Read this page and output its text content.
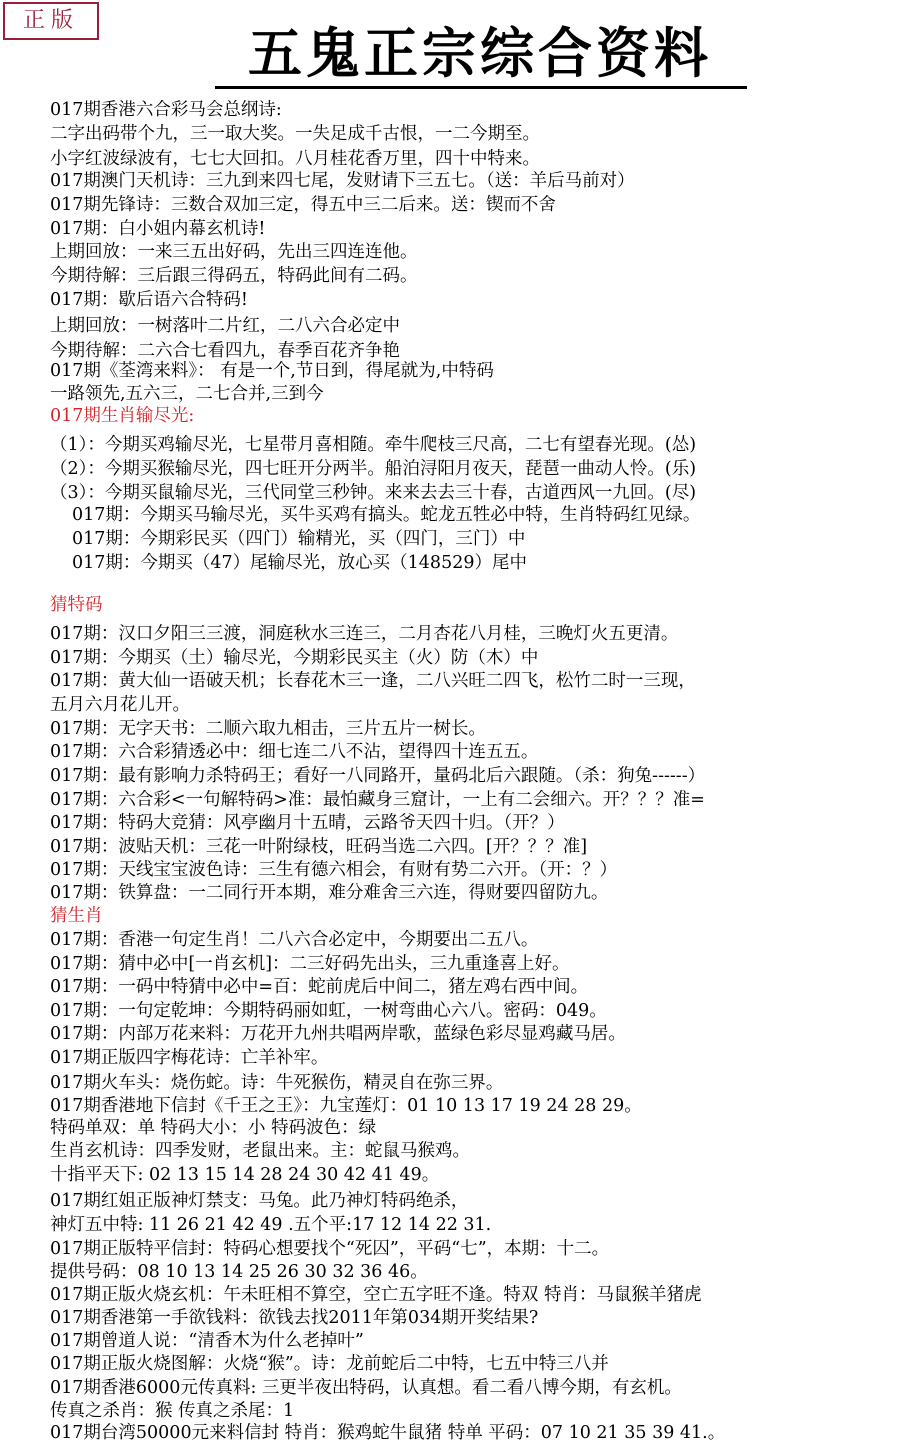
正版
五鬼正宗综合资料
017期香港六合彩马会总纲诗:
二字出码带个九，三一取大奖。一失足成千古恨，一二今期至。
小字红波绿波有，七七大回扣。八月桂花香万里，四十中特来。
017期澳门天机诗：三九到来四七尾，发财请下三五七。（送：羊后马前对）
017期先锋诗：三数合双加三定，得五中三二后来。送：锲而不舍
017期：白小姐内幕玄机诗!
上期回放：一来三五出好码，先出三四连连他。
今期待解：三后跟三得码五，特码此间有二码。
017期：歇后语六合特码!
上期回放：一树落叶二片红，二八六合必定中
今期待解：二六合七看四九，春季百花齐争艳
017期《荃湾来料》： 有是一个,节日到，得尾就为,中特码
一路领先,五六三，二七合并,三到今
017期生肖输尽光:
（1）：今期买鸡输尽光，七星带月喜相随。牵牛爬枝三尺高，二七有望春光现。(怂)
（2）：今期买猴输尽光，四七旺开分两半。船泊浔阳月夜天，琵琶一曲动人怜。(乐)
（3）：今期买鼠输尽光，三代同堂三秒钟。来来去去三十春，古道西风一九回。(尽)
017期：今期买马输尽光，买牛买鸡有搞头。蛇龙五牲必中特，生肖特码红见绿。
017期：今期彩民买（四门）输精光，买（四门，三门）中
017期：今期买（47）尾输尽光，放心买（148529）尾中
猜特码
017期：汉口夕阳三三渡，洞庭秋水三连三，二月杏花八月桂，三晚灯火五更清。
017期：今期买（土）输尽光，今期彩民买主（火）防（木）中
017期：黄大仙一语破天机；长春花木三一逢，二八兴旺二四飞，松竹二时一三现，
五月六月花儿开。
017期：无字天书：二顺六取九相击，三片五片一树长。
017期：六合彩猜透必中：细七连二八不沾，望得四十连五五。
017期：最有影响力杀特码王；看好一八同路开，量码北后六跟随。（杀：狗兔------）
017期：六合彩<一句解特码>准：最怕藏身三窟计，一上有二会细六。开？？？准=
017期：特码大竞猜：风亭幽月十五晴，云路爷天四十归。（开？）
017期：波贴天机：三花一叶附绿枝，旺码当选二六四。[开？？？准]
017期：天线宝宝波色诗：三生有德六相会，有财有势二六开。（开：？）
017期：铁算盘：一二同行开本期，难分难舍三六连，得财要四留防九。
猜生肖
017期：香港一句定生肖！二八六合必定中，今期要出二五八。
017期：猜中必中[一肖玄机]：二三好码先出头，三九重逢喜上好。
017期：一码中特猜中必中=百：蛇前虎后中间二，猪左鸡右西中间。
017期：一句定乾坤：今期特码丽如虹，一树弯曲心六八。密码：049。
017期：内部万花来料：万花开九州共唱两岸歌，蓝绿色彩尽显鸡藏马居。
017期正版四字梅花诗：亡羊补牢。
017期火车头：烧伤蛇。诗：牛死猴伤，精灵自在弥三界。
017期香港地下信封《千王之王》：九宝莲灯：01 10 13 17 19 24 28 29。
特码单双：单 特码大小：小 特码波色：绿
生肖玄机诗：四季发财，老鼠出来。主：蛇鼠马猴鸡。
十指平天下: 02 13 15 14 28 24 30 42 41 49。
017期红姐正版神灯禁支：马兔。此乃神灯特码绝杀，
神灯五中特: 11 26 21 42 49 .五个平:17 12 14 22 31.
017期正版特平信封：特码心想要找个“死囚”，平码“七”，本期：十二。
提供号码：08 10 13 14 25 26 30 32 36 46。
017期正版火烧玄机：午未旺相不算空，空亡五字旺不逢。特双 特肖：马鼠猴羊猪虎
017期香港第一手欲钱料：欲钱去找2011年第034期开奖结果?
017期曾道人说：“清香木为什么老掉叶”
017期正版火烧图解：火烧“猴”。诗：龙前蛇后二中特，七五中特三八并
017期香港6000元传真料: 三更半夜出特码，认真想。看二看八博今期，有玄机。
传真之杀肖：猴 传真之杀尾：1
017期台湾50000元来料信封 特肖：猴鸡蛇牛鼠猪 特单 平码：07 10 21 35 39 41.。
